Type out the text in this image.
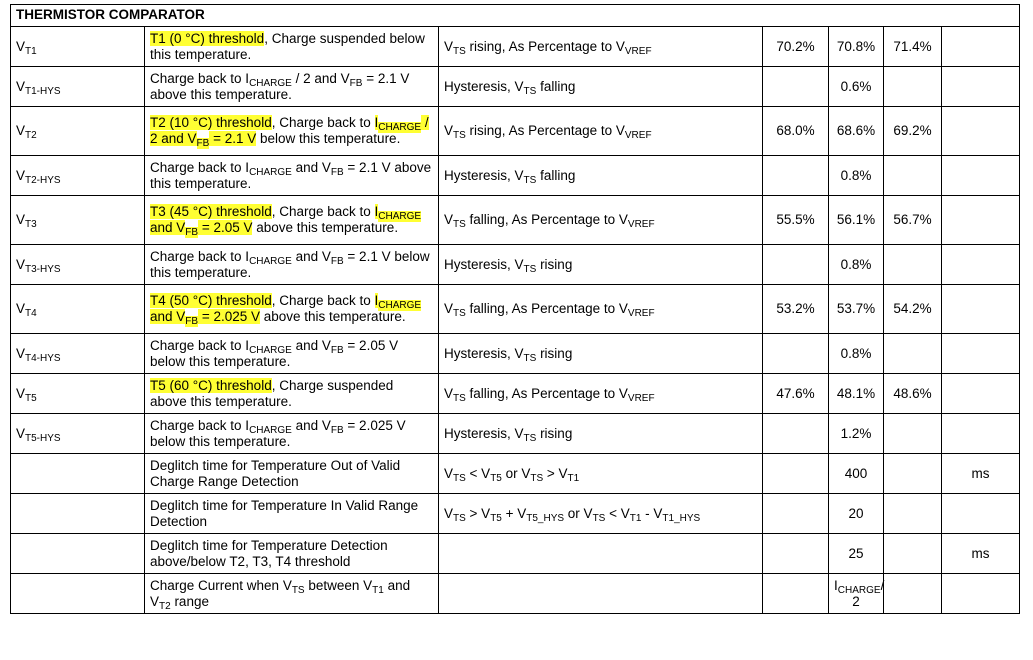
THERMISTOR COMPARATOR						
$V_{T1}$	T1 (0 °C) threshold, Charge suspended below this temperature.	$V_{TS}$ rising, As Percentage to $V_{VREF}$	70.2%	70.8%	71.4%	
$V_{T1-HYS}$	Charge back to $I_{CHARGE} / 2$ and $V_{FB} = 2.1$ V above this temperature.	Hysteresis, $V_{TS}$ falling		0.6%		
$V_{T2}$	T2 (10 °C) threshold, Charge back to $I_{CHARGE} / 2$ and $V_{FB} = 2.1$ V below this temperature.	$V_{TS}$ rising, As Percentage to $V_{VREF}$	68.0%	68.6%	69.2%	
$V_{T2-HYS}$	Charge back to $I_{CHARGE}$ and $V_{FB} = 2.1$ V above this temperature.	Hysteresis, $V_{TS}$ falling		0.8%		
$V_{T3}$	T3 (45 °C) threshold, Charge back to $I_{CHARGE}$ and $V_{FB} = 2.05$ V above this temperature.	$V_{TS}$ falling, As Percentage to $V_{VREF}$	55.5%	56.1%	56.7%	
$V_{T3-HYS}$	Charge back to $I_{CHARGE}$ and $V_{FB} = 2.1$ V below this temperature.	Hysteresis, $V_{TS}$ rising		0.8%		
$V_{T4}$	T4 (50 °C) threshold, Charge back to $I_{CHARGE}$ and $V_{FB} = 2.025$ V above this temperature.	$V_{TS}$ falling, As Percentage to $V_{VREF}$	53.2%	53.7%	54.2%	
$V_{T4-HYS}$	Charge back to $I_{CHARGE}$ and $V_{FB} = 2.05$ V below this temperature.	Hysteresis, $V_{TS}$ rising		0.8%		
$V_{T5}$	T5 (60 °C) threshold, Charge suspended above this temperature.	$V_{TS}$ falling, As Percentage to $V_{VREF}$	47.6%	48.1%	48.6%	
$V_{T5-HYS}$	Charge back to $I_{CHARGE}$ and $V_{FB} = 2.025$ V below this temperature.	Hysteresis, $V_{TS}$ rising		1.2%		
	Deglitch time for Temperature Out of Valid Charge Range Detection	$V_{TS} < V_{T5}$ or $V_{TS} > V_{T1}$		400		ms
	Deglitch time for Temperature In Valid Range Detection	$V_{TS} > V_{T5} + V_{T5\_HYS}$ or $V_{TS} < V_{T1} - V_{T1\_HYS}$		20		
	Deglitch time for Temperature Detection above/below T2, T3, T4 threshold			25		ms
	Charge Current when $V_{TS}$ between $V_{T1}$ and $V_{T2}$ range			$I_{CHARGE}/$ 2		
